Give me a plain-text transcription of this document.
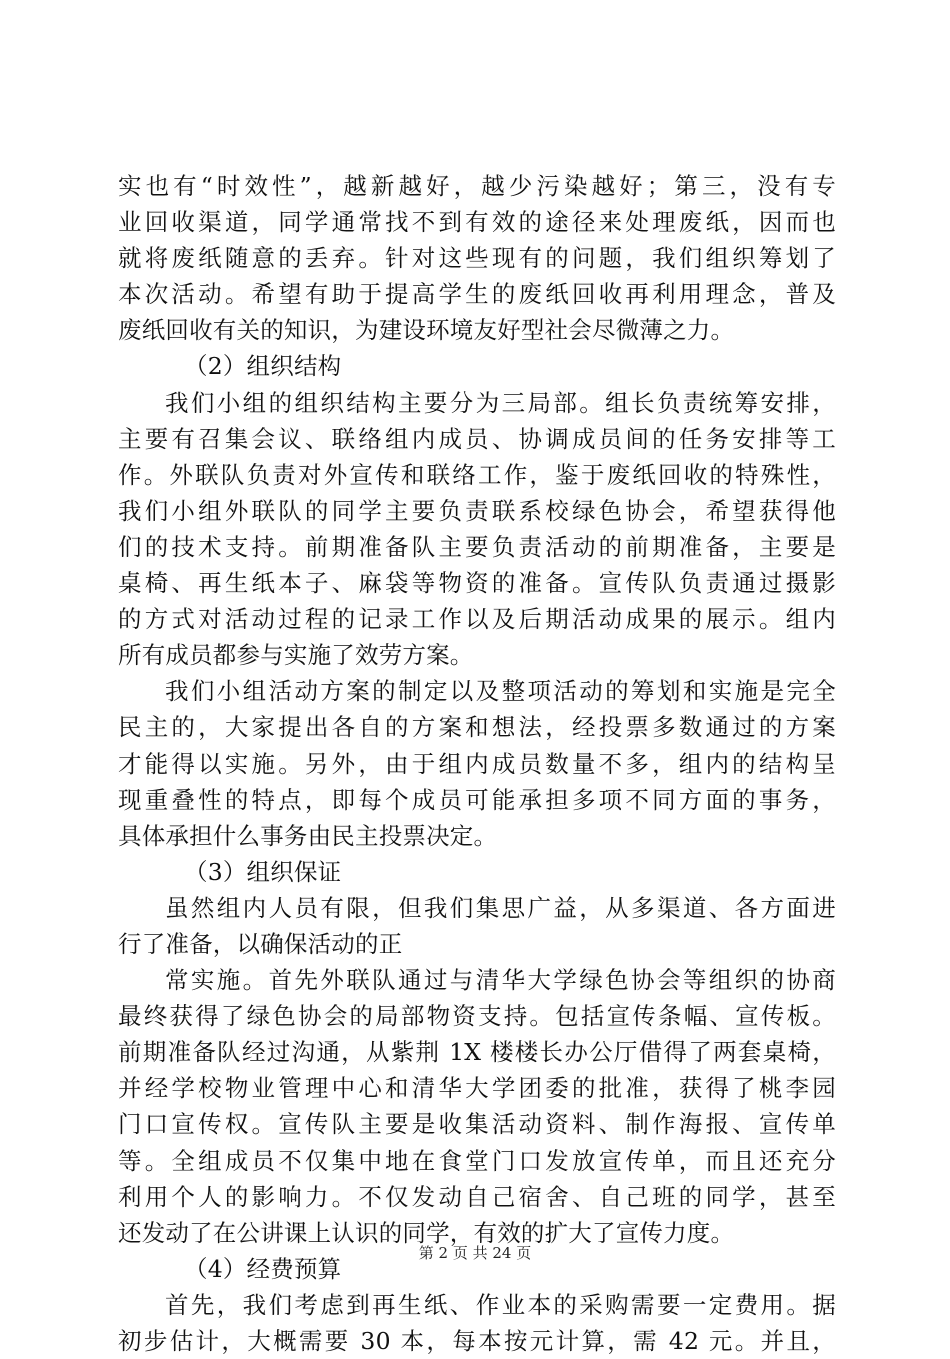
实也有“时效性”，越新越好，越少污染越好；第三，没有专
业回收渠道，同学通常找不到有效的途径来处理废纸，因而也
就将废纸随意的丢弃。针对这些现有的问题，我们组织筹划了
本次活动。希望有助于提高学生的废纸回收再利用理念，普及
废纸回收有关的知识，为建设环境友好型社会尽微薄之力。
（2）组织结构
我们小组的组织结构主要分为三局部。组长负责统筹安排，
主要有召集会议、联络组内成员、协调成员间的任务安排等工
作。外联队负责对外宣传和联络工作，鉴于废纸回收的特殊性，
我们小组外联队的同学主要负责联系校绿色协会，希望获得他
们的技术支持。前期准备队主要负责活动的前期准备，主要是
桌椅、再生纸本子、麻袋等物资的准备。宣传队负责通过摄影
的方式对活动过程的记录工作以及后期活动成果的展示。组内
所有成员都参与实施了效劳方案。
我们小组活动方案的制定以及整项活动的筹划和实施是完全
民主的，大家提出各自的方案和想法，经投票多数通过的方案
才能得以实施。另外，由于组内成员数量不多，组内的结构呈
现重叠性的特点，即每个成员可能承担多项不同方面的事务，
具体承担什么事务由民主投票决定。
（3）组织保证
虽然组内人员有限，但我们集思广益，从多渠道、各方面进
行了准备，以确保活动的正
常实施。首先外联队通过与清华大学绿色协会等组织的协商
最终获得了绿色协会的局部物资支持。包括宣传条幅、宣传板。
前期准备队经过沟通，从紫荆 1X 楼楼长办公厅借得了两套桌椅，
并经学校物业管理中心和清华大学团委的批准，获得了桃李园
门口宣传权。宣传队主要是收集活动资料、制作海报、宣传单
等。全组成员不仅集中地在食堂门口发放宣传单，而且还充分
利用个人的影响力。不仅发动自己宿舍、自己班的同学，甚至
还发动了在公讲课上认识的同学，有效的扩大了宣传力度。
（4）经费预算
首先，我们考虑到再生纸、作业本的采购需要一定费用。据
初步估计，大概需要 30 本，每本按元计算，需 42 元。并且，
第 2 页 共 24 页
